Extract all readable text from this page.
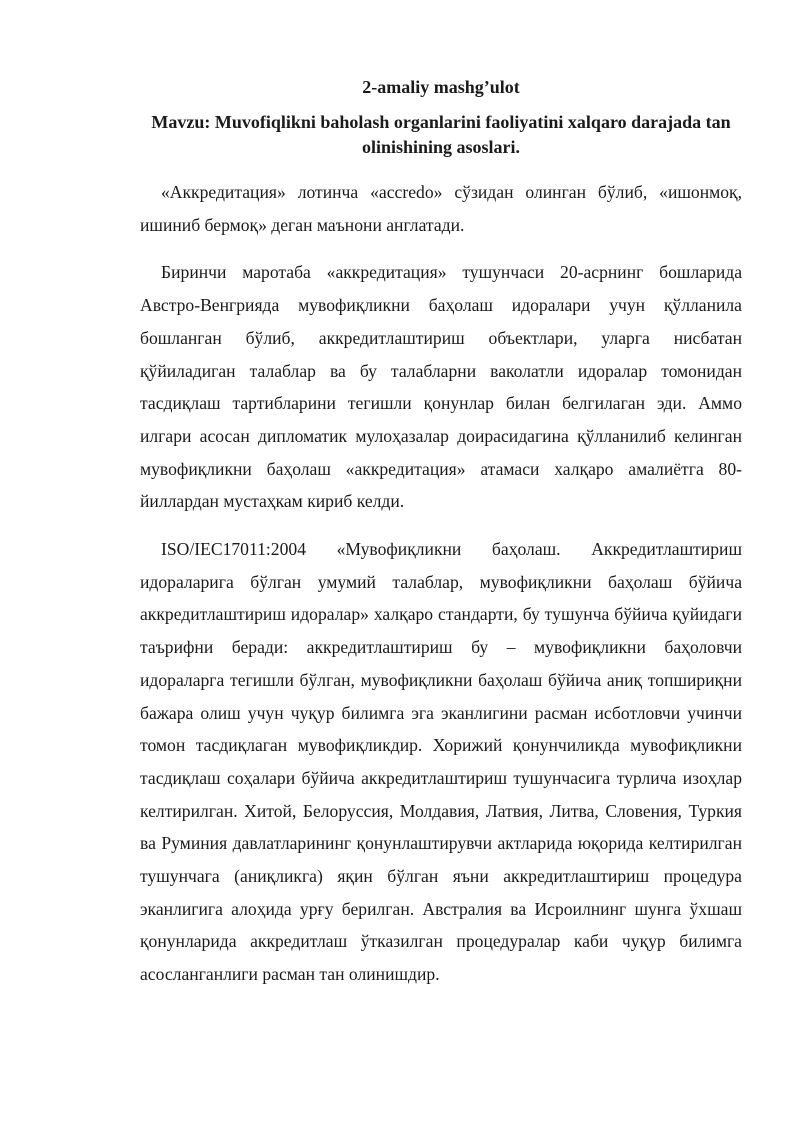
2-amaliy mashg’ulot
Mavzu: Muvofiqlikni baholash organlarini faoliyatini xalqaro darajada tan olinishining asoslari.

«Аккредитация» лотинча «accredo» сўзидан олинган бўлиб, «ишонмоқ, ишиниб бермоқ» деган маънони англатади.

Биринчи маротаба «аккредитация» тушунчаси 20-асрнинг бошларида Австро-Венгрияда мувофиқликни баҳолаш идоралари учун қўлланила бошланган бўлиб, аккредитлаштириш объектлари, уларга нисбатан қўйиладиган талаблар ва бу талабларни ваколатли идоралар томонидан тасдиқлаш тартибларини тегишли қонунлар билан белгилаган эди. Аммо илгари асосан дипломатик мулоҳазалар доирасидагина қўлланилиб келинган мувофиқликни баҳолаш «аккредитация» атамаси халқаро амалиётга 80-йиллардан мустаҳкам кириб келди.

ISO/IEC17011:2004 «Мувофиқликни баҳолаш. Аккредитлаштириш идораларига бўлган умумий талаблар, мувофиқликни баҳолаш бўйича аккредитлаштириш идоралар» халқаро стандарти, бу тушунча бўйича қуйидаги таърифни беради: аккредитлаштириш бу – мувофиқликни баҳоловчи идораларга тегишли бўлган, мувофиқликни баҳолаш бўйича аниқ топшириқни бажара олиш учун чуқур билимга эга эканлигини расман исботловчи учинчи томон тасдиқлаган мувофиқликдир. Хорижий қонунчиликда мувофиқликни тасдиқлаш соҳалари бўйича аккредитлаштириш тушунчасига турлича изоҳлар келтирилган. Хитой, Белоруссия, Молдавия, Латвия, Литва, Словения, Туркия ва Руминия давлатларининг қонунлаштирувчи актларида юқорида келтирилган тушунчага (аниқликга) яқин бўлган яъни аккредитлаштириш процедура эканлигига алоҳида урғу берилган. Австралия ва Исроилнинг шунга ўхшаш қонунларида аккредитлаш ўтказилган процедуралар каби чуқур билимга асосланганлиги расман тан олинишдир.
